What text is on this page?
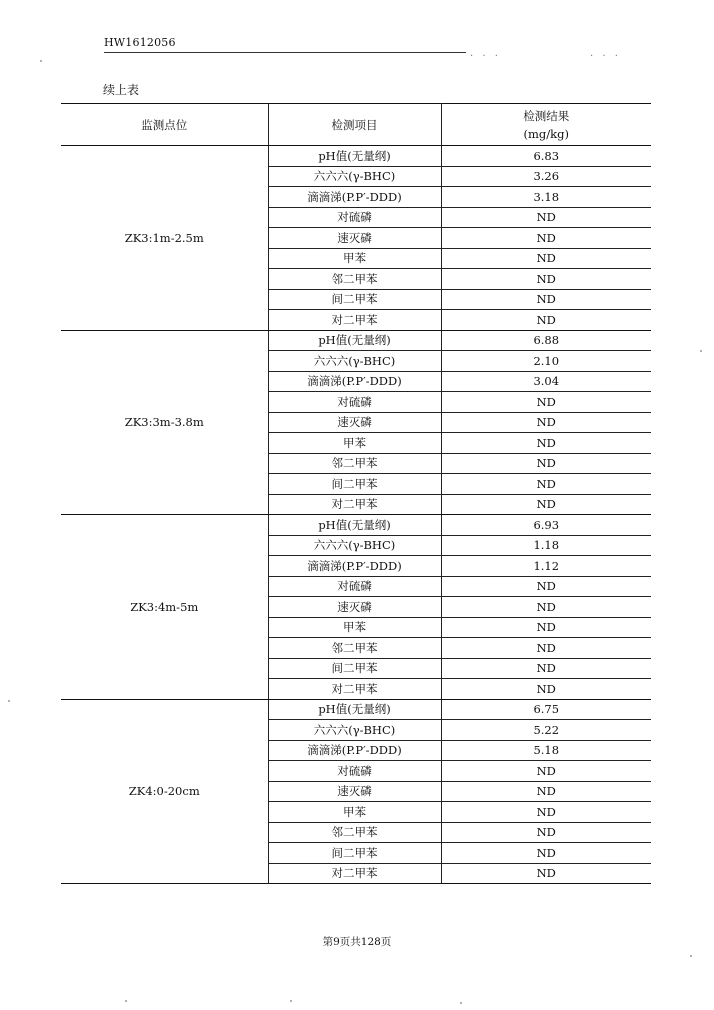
HW1612056
. . .	. . .
续上表
监测点位	检测项目	检测结果
(mg/kg)

ZK3:1m-2.5m	pH值(无量纲)	6.83
	六六六(γ-BHC)	3.26
	滴滴涕(P.P′-DDD)	3.18
	对硫磷	ND
	速灭磷	ND
	甲苯	ND
	邻二甲苯	ND
	间二甲苯	ND
	对二甲苯	ND
ZK3:3m-3.8m	pH值(无量纲)	6.88
	六六六(γ-BHC)	2.10
	滴滴涕(P.P′-DDD)	3.04
	对硫磷	ND
	速灭磷	ND
	甲苯	ND
	邻二甲苯	ND
	间二甲苯	ND
	对二甲苯	ND
ZK3:4m-5m	pH值(无量纲)	6.93
	六六六(γ-BHC)	1.18
	滴滴涕(P.P′-DDD)	1.12
	对硫磷	ND
	速灭磷	ND
	甲苯	ND
	邻二甲苯	ND
	间二甲苯	ND
	对二甲苯	ND
ZK4:0-20cm	pH值(无量纲)	6.75
	六六六(γ-BHC)	5.22
	滴滴涕(P.P′-DDD)	5.18
	对硫磷	ND
	速灭磷	ND
	甲苯	ND
	邻二甲苯	ND
	间二甲苯	ND
	对二甲苯	ND
第9页共128页
